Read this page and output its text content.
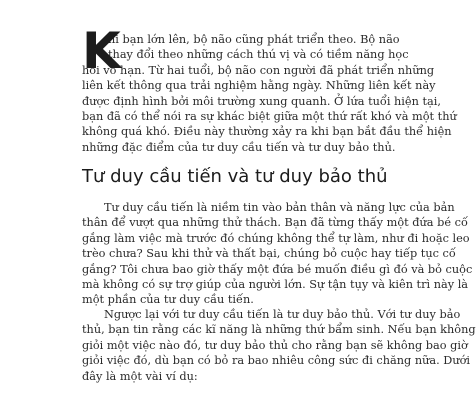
K
hi bạn lớn lên, bộ não cũng phát triển theo. Bộ não
thay đổi theo những cách thú vị và có tiềm năng học
hỏi vô hạn. Từ hai tuổi, bộ não con người đã phát triển những
liên kết thông qua trải nghiệm hằng ngày. Những liên kết này
được định hình bởi môi trường xung quanh. Ở lứa tuổi hiện tại,
bạn đã có thể nói ra sự khác biệt giữa một thứ rất khó và một thứ
không quá khó. Điều này thường xảy ra khi bạn bắt đầu thể hiện
những đặc điểm của tư duy cầu tiến và tư duy bảo thủ.
Tư duy cầu tiến và tư duy bảo thủ
Tư duy cầu tiến là niềm tin vào bản thân và năng lực của bản
thân để vượt qua những thử thách. Bạn đã từng thấy một đứa bé cố
gắng làm việc mà trước đó chúng không thể tự làm, như đi hoặc leo
trèo chưa? Sau khi thử và thất bại, chúng bỏ cuộc hay tiếp tục cố
gắng? Tôi chưa bao giờ thấy một đứa bé muốn điều gì đó và bỏ cuộc
mà không có sự trợ giúp của người lớn. Sự tận tụy và kiên trì này là
một phần của tư duy cầu tiến.
Ngược lại với tư duy cầu tiến là tư duy bảo thủ. Với tư duy bảo
thủ, bạn tin rằng các kĩ năng là những thứ bẩm sinh. Nếu bạn không
giỏi một việc nào đó, tư duy bảo thủ cho rằng bạn sẽ không bao giờ
giỏi việc đó, dù bạn có bỏ ra bao nhiêu công sức đi chăng nữa. Dưới
đây là một vài ví dụ:
